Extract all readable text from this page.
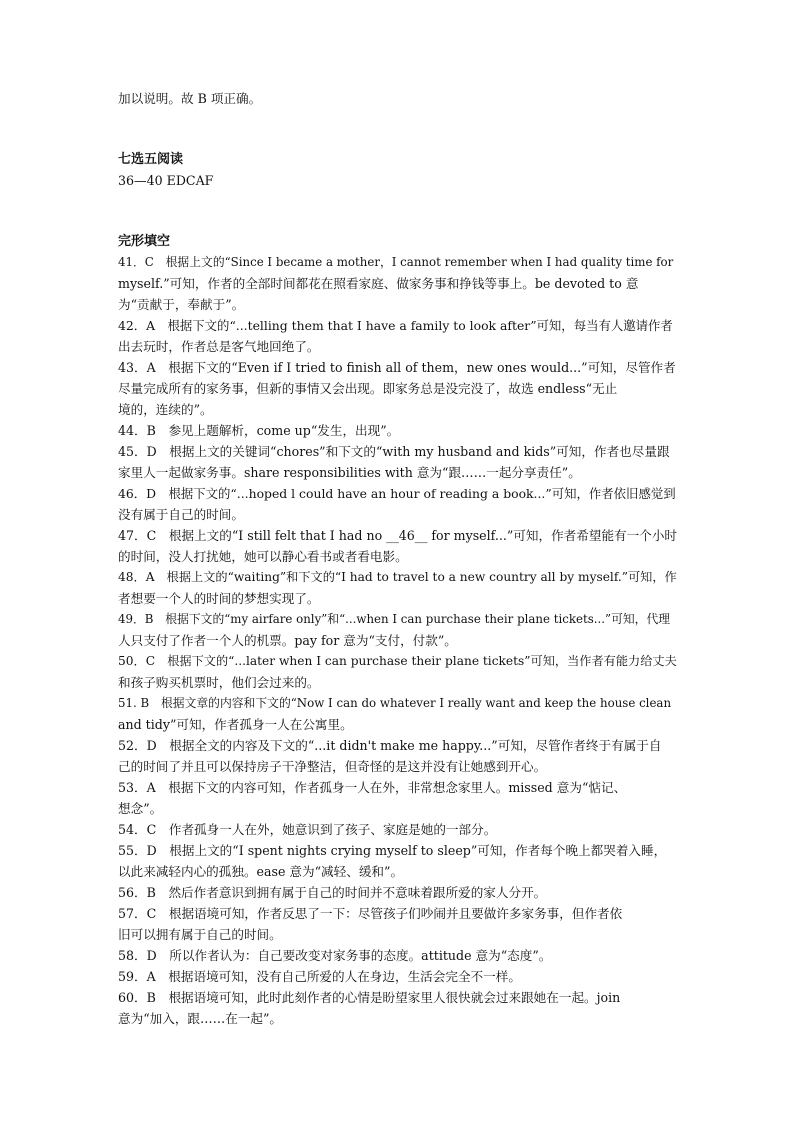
加以说明。故 B 项正确。
七选五阅读
36—40 EDCAF
完形填空
41．C　根据上文的“Since I became a mother，I cannot remember when I had quality time for
myself.”可知，作者的全部时间都花在照看家庭、做家务事和挣钱等事上。be devoted to 意
为“贡献于，奉献于”。
42．A　根据下文的“...telling them that I have a family to look after”可知，每当有人邀请作者
出去玩时，作者总是客气地回绝了。
43．A　根据下文的“Even if I tried to finish all of them，new ones would...”可知，尽管作者
尽量完成所有的家务事，但新的事情又会出现。即家务总是没完没了，故选 endless“无止
境的，连续的”。
44．B　参见上题解析，come up“发生，出现”。
45．D　根据上文的关键词“chores”和下文的“with my husband and kids”可知，作者也尽量跟
家里人一起做家务事。share responsibilities with 意为“跟……一起分享责任”。
46．D　根据下文的“...hoped l could have an hour of reading a book...”可知，作者依旧感觉到
没有属于自己的时间。
47．C　根据上文的“I still felt that I had no __46__ for myself...”可知，作者希望能有一个小时
的时间，没人打扰她，她可以静心看书或者看电影。
48．A　根据上文的“waiting”和下文的“I had to travel to a new country all by myself.”可知，作
者想要一个人的时间的梦想实现了。
49．B　根据下文的“my airfare only”和“...when I can purchase their plane tickets...”可知，代理
人只支付了作者一个人的机票。pay for 意为“支付，付款”。
50．C　根据下文的“...later when I can purchase their plane tickets”可知，当作者有能力给丈夫
和孩子购买机票时，他们会过来的。
51. B　根据文章的内容和下文的“Now I can do whatever I really want and keep the house clean
and tidy”可知，作者孤身一人在公寓里。
52．D　根据全文的内容及下文的“...it didn't make me happy...”可知，尽管作者终于有属于自
己的时间了并且可以保持房子干净整洁，但奇怪的是这并没有让她感到开心。
53．A　根据下文的内容可知，作者孤身一人在外，非常想念家里人。missed 意为“惦记、
想念”。
54．C　作者孤身一人在外，她意识到了孩子、家庭是她的一部分。
55．D　根据上文的“I spent nights crying myself to sleep”可知，作者每个晚上都哭着入睡，
以此来减轻内心的孤独。ease 意为“减轻、缓和”。
56．B　然后作者意识到拥有属于自己的时间并不意味着跟所爱的家人分开。
57．C　根据语境可知，作者反思了一下：尽管孩子们吵闹并且要做许多家务事，但作者依
旧可以拥有属于自己的时间。
58．D　所以作者认为：自己要改变对家务事的态度。attitude 意为“态度”。
59．A　根据语境可知，没有自己所爱的人在身边，生活会完全不一样。
60．B　根据语境可知，此时此刻作者的心情是盼望家里人很快就会过来跟她在一起。join
意为“加入，跟……在一起”。
